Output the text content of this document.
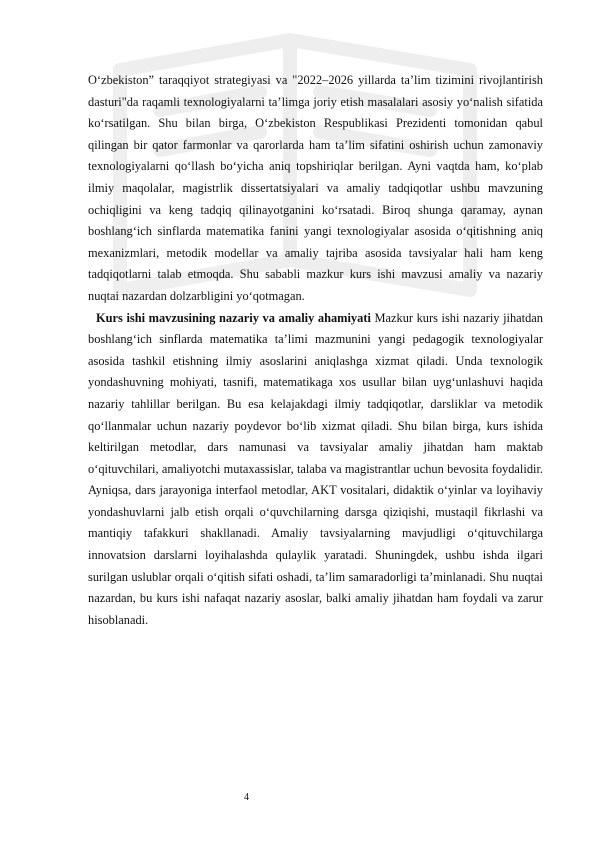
O‘zbekiston” taraqqiyot strategiyasi va "2022–2026 yillarda ta’lim tizimini rivojlantirish dasturi"da raqamli texnologiyalarni ta’limga joriy etish masalalari asosiy yo‘nalish sifatida ko‘rsatilgan. Shu bilan birga, O‘zbekiston Respublikasi Prezidenti tomonidan qabul qilingan bir qator farmonlar va qarorlarda ham ta’lim sifatini oshirish uchun zamonaviy texnologiyalarni qo‘llash bo‘yicha aniq topshiriqlar berilgan. Ayni vaqtda ham, ko‘plab ilmiy maqolalar, magistrlik dissertatsiyalari va amaliy tadqiqotlar ushbu mavzuning ochiqligini va keng tadqiq qilinayotganini ko‘rsatadi. Biroq shunga qaramay, aynan boshlang‘ich sinflarda matematika fanini yangi texnologiyalar asosida o‘qitishning aniq mexanizmlari, metodik modellar va amaliy tajriba asosida tavsiyalar hali ham keng tadqiqotlarni talab etmoqda. Shu sababli mazkur kurs ishi mavzusi amaliy va nazariy nuqtai nazardan dolzarbligini yo‘qotmagan.

Kurs ishi mavzusining nazariy va amaliy ahamiyati Mazkur kurs ishi nazariy jihatdan boshlang‘ich sinflarda matematika ta’limi mazmunini yangi pedagogik texnologiyalar asosida tashkil etishning ilmiy asoslarini aniqlashga xizmat qiladi. Unda texnologik yondashuvning mohiyati, tasnifi, matematikaga xos usullar bilan uyg‘unlashuvi haqida nazariy tahlillar berilgan. Bu esa kelajakdagi ilmiy tadqiqotlar, darsliklar va metodik qo‘llanmalar uchun nazariy poydevor bo‘lib xizmat qiladi. Shu bilan birga, kurs ishida keltirilgan metodlar, dars namunasi va tavsiyalar amaliy jihatdan ham maktab o‘qituvchilari, amaliyotchi mutaxassislar, talaba va magistrantlar uchun bevosita foydalidir. Ayniqsa, dars jarayoniga interfaol metodlar, AKT vositalari, didaktik o‘yinlar va loyihaviy yondashuvlarni jalb etish orqali o‘quvchilarning darsga qiziqishi, mustaqil fikrlashi va mantiqiy tafakkuri shakllanadi. Amaliy tavsiyalarning mavjudligi o‘qituvchilarga innovatsion darslarni loyihalashda qulaylik yaratadi. Shuningdek, ushbu ishda ilgari surilgan uslublar orqali o‘qitish sifati oshadi, ta’lim samaradorligi ta’minlanadi. Shu nuqtai nazardan, bu kurs ishi nafaqat nazariy asoslar, balki amaliy jihatdan ham foydali va zarur hisoblanadi.

4
